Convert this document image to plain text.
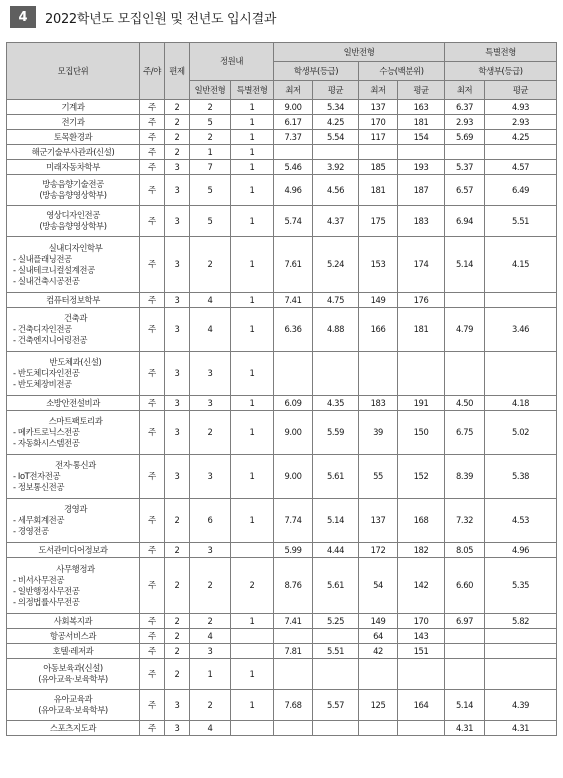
4	2022학년도 모집인원 및 전년도 입시결과
모집단위	주/야	편제	정원내		일반전형				특별전형	
					학생부(등급)		수능(백분위)		학생부(등급)	
			일반전형	특별전형	최저	평균	최저	평균	최저	평균

기계과	주	2	2	1	9.00	5.34	137	163	6.37	4.93

전기과	주	2	5	1	6.17	4.25	170	181	2.93	2.93

토목환경과	주	2	2	1	7.37	5.54	117	154	5.69	4.25

해군기술부사관과(신설)	주	2	1	1						

미래자동차학부	주	3	7	1	5.46	3.92	185	193	5.37	4.57

방송음향기술전공
(방송음향영상학부)	주	3	5	1	4.96	4.56	181	187	6.57	6.49

영상디자인전공
(방송음향영상학부)	주	3	5	1	5.74	4.37	175	183	6.94	5.51

실내디자인학부
- 실내플래닝전공
- 실내테크니컬설계전공
- 실내건축시공전공	주	3	2	1	7.61	5.24	153	174	5.14	4.15

컴퓨터정보학부	주	3	4	1	7.41	4.75	149	176		

건축과
- 건축디자인전공
- 건축엔지니어링전공	주	3	4	1	6.36	4.88	166	181	4.79	3.46

반도체과(신설)
- 반도체디자인전공
- 반도체장비전공	주	3	3	1						

소방안전설비과	주	3	3	1	6.09	4.35	183	191	4.50	4.18

스마트팩토리과
- 메카트로닉스전공
- 자동화시스템전공	주	3	2	1	9.00	5.59	39	150	6.75	5.02

전자·통신과
- IoT전자전공
- 정보통신전공	주	3	3	1	9.00	5.61	55	152	8.39	5.38

경영과
- 세무회계전공
- 경영전공	주	2	6	1	7.74	5.14	137	168	7.32	4.53

도서관미디어정보과	주	2	3		5.99	4.44	172	182	8.05	4.96

사무행정과
- 비서사무전공
- 일반행정사무전공
- 의정법률사무전공	주	2	2	2	8.76	5.61	54	142	6.60	5.35

사회복지과	주	2	2	1	7.41	5.25	149	170	6.97	5.82

항공서비스과	주	2	4				64	143		

호텔·레저과	주	2	3		7.81	5.51	42	151		

아동보육과(신설)
(유아교육·보육학부)	주	2	1	1						

유아교육과
(유아교육·보육학부)	주	3	2	1	7.68	5.57	125	164	5.14	4.39

스포츠지도과	주	3	4						4.31	4.31
